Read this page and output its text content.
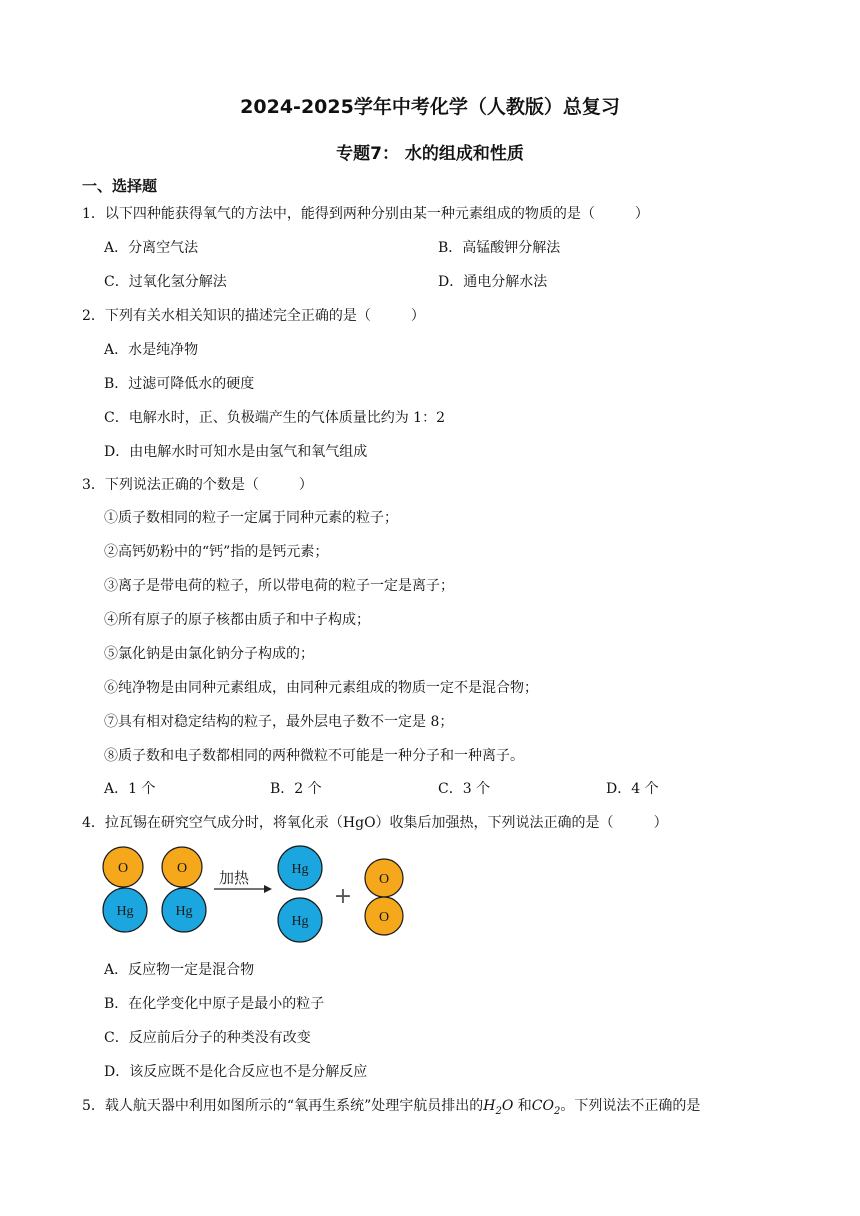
2024-2025学年中考化学（人教版）总复习
专题7： 水的组成和性质
一、选择题
1．以下四种能获得氧气的方法中，能得到两种分别由某一种元素组成的物质的是（	）
A．分离空气法	B．高锰酸钾分解法
C．过氧化氢分解法	D．通电分解水法
2．下列有关水相关知识的描述完全正确的是（	）
A．水是纯净物
B．过滤可降低水的硬度
C．电解水时，正、负极端产生的气体质量比约为 1：2
D．由电解水时可知水是由氢气和氧气组成
3．下列说法正确的个数是（	）
①质子数相同的粒子一定属于同种元素的粒子；
②高钙奶粉中的“钙”指的是钙元素；
③离子是带电荷的粒子，所以带电荷的粒子一定是离子；
④所有原子的原子核都由质子和中子构成；
⑤氯化钠是由氯化钠分子构成的；
⑥纯净物是由同种元素组成，由同种元素组成的物质一定不是混合物；
⑦具有相对稳定结构的粒子，最外层电子数不一定是 8；
⑧质子数和电子数都相同的两种微粒不可能是一种分子和一种离子。
A．1 个	B．2 个	C．3 个	D．4 个
4．拉瓦锡在研究空气成分时，将氧化汞（HgO）收集后加强热，下列说法正确的是（	）
O
Hg
O
Hg
加热	Hg
Hg
+
O
O
A．反应物一定是混合物
B．在化学变化中原子是最小的粒子
C．反应前后分子的种类没有改变
D．该反应既不是化合反应也不是分解反应
5．载人航天器中利用如图所示的“氧再生系统”处理宇航员排出的$H_2O$ 和$CO_2$。下列说法不正确的是
